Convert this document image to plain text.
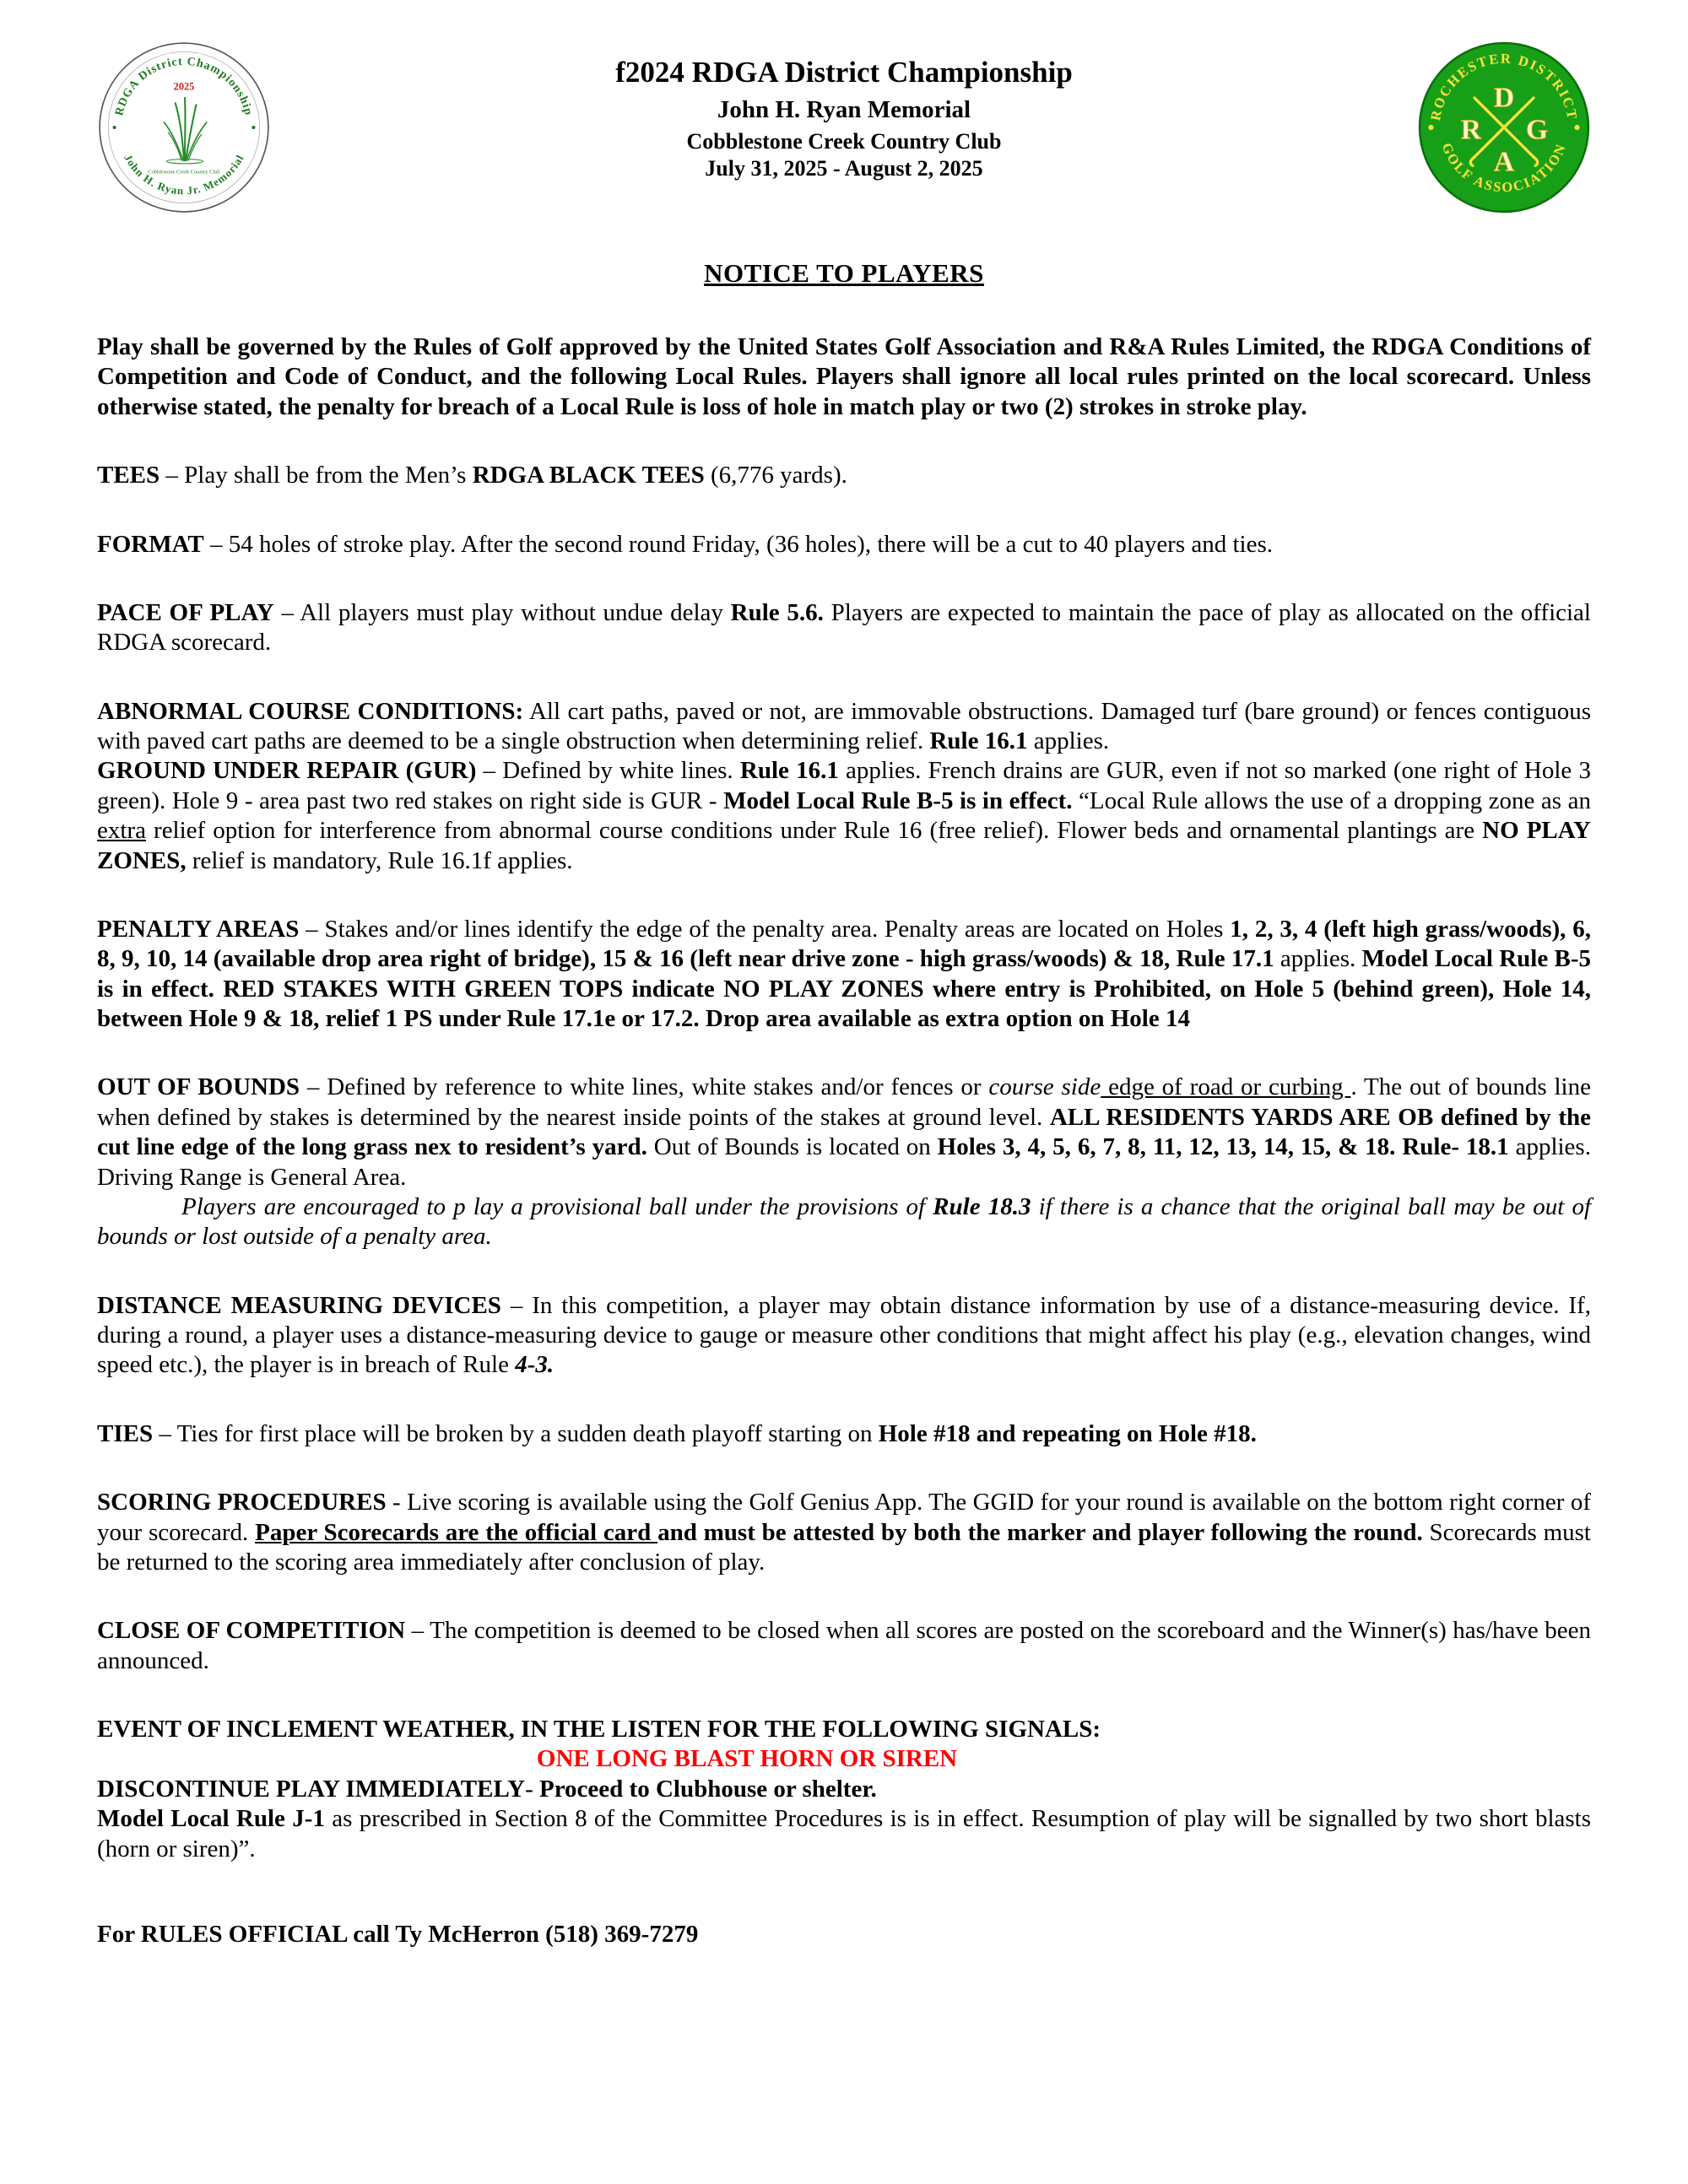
RDGA District Championship
John H. Ryan Jr. Memorial
2025
Cobblestone Creek Country Club
f2024 RDGA District Championship
John H. Ryan Memorial
Cobblestone Creek Country Club
July 31, 2025 - August 2, 2025
ROCHESTER DISTRICT
GOLF ASSOCIATION
D
R G
A
NOTICE TO PLAYERS

Play shall be governed by the Rules of Golf approved by the United States Golf Association and R&A Rules Limited, the RDGA Conditions of Competition and Code of Conduct, and the following Local Rules. Players shall ignore all local rules printed on the local scorecard. Unless otherwise stated, the penalty for breach of a Local Rule is loss of hole in match play or two (2) strokes in stroke play.

TEES – Play shall be from the Men’s RDGA BLACK TEES (6,776 yards).

FORMAT – 54 holes of stroke play. After the second round Friday, (36 holes), there will be a cut to 40 players and ties.

PACE OF PLAY – All players must play without undue delay Rule 5.6. Players are expected to maintain the pace of play as allocated on the official RDGA scorecard.

ABNORMAL COURSE CONDITIONS: All cart paths, paved or not, are immovable obstructions. Damaged turf (bare ground) or fences contiguous with paved cart paths are deemed to be a single obstruction when determining relief. Rule 16.1 applies.

GROUND UNDER REPAIR (GUR) – Defined by white lines. Rule 16.1 applies. French drains are GUR, even if not so marked (one right of Hole 3 green). Hole 9 - area past two red stakes on right side is GUR - Model Local Rule B-5 is in effect. “Local Rule allows the use of a dropping zone as an extra relief option for interference from abnormal course conditions under Rule 16 (free relief). Flower beds and ornamental plantings are NO PLAY ZONES, relief is mandatory, Rule 16.1f applies.

PENALTY AREAS – Stakes and/or lines identify the edge of the penalty area. Penalty areas are located on Holes 1, 2, 3, 4 (left high grass/woods), 6, 8, 9, 10, 14 (available drop area right of bridge), 15 & 16 (left near drive zone - high grass/woods) & 18, Rule 17.1 applies. Model Local Rule B-5 is in effect. RED STAKES WITH GREEN TOPS indicate NO PLAY ZONES where entry is Prohibited, on Hole 5 (behind green), Hole 14, between Hole 9 & 18, relief 1 PS under Rule 17.1e or 17.2. Drop area available as extra option on Hole 14

OUT OF BOUNDS – Defined by reference to white lines, white stakes and/or fences or course side edge of road or curbing . The out of bounds line when defined by stakes is determined by the nearest inside points of the stakes at ground level. ALL RESIDENTS YARDS ARE OB defined by the cut line edge of the long grass nex to resident’s yard. Out of Bounds is located on Holes 3, 4, 5, 6, 7, 8, 11, 12, 13, 14, 15, & 18. Rule- 18.1 applies. Driving Range is General Area.

Players are encouraged to p lay a provisional ball under the provisions of Rule 18.3 if there is a chance that the original ball may be out of bounds or lost outside of a penalty area.

DISTANCE MEASURING DEVICES – In this competition, a player may obtain distance information by use of a distance-measuring device. If, during a round, a player uses a distance-measuring device to gauge or measure other conditions that might affect his play (e.g., elevation changes, wind speed etc.), the player is in breach of Rule 4-3.

TIES – Ties for first place will be broken by a sudden death playoff starting on Hole #18 and repeating on Hole #18.

SCORING PROCEDURES - Live scoring is available using the Golf Genius App. The GGID for your round is available on the bottom right corner of your scorecard. Paper Scorecards are the official card and must be attested by both the marker and player following the round. Scorecards must be returned to the scoring area immediately after conclusion of play.

CLOSE OF COMPETITION – The competition is deemed to be closed when all scores are posted on the scoreboard and the Winner(s) has/have been announced.

EVENT OF INCLEMENT WEATHER, IN THE LISTEN FOR THE FOLLOWING SIGNALS:

ONE LONG BLAST HORN OR SIREN

DISCONTINUE PLAY IMMEDIATELY- Proceed to Clubhouse or shelter.

Model Local Rule J-1 as prescribed in Section 8 of the Committee Procedures is is in effect. Resumption of play will be signalled by two short blasts (horn or siren)”.

For RULES OFFICIAL call Ty McHerron (518) 369-7279
